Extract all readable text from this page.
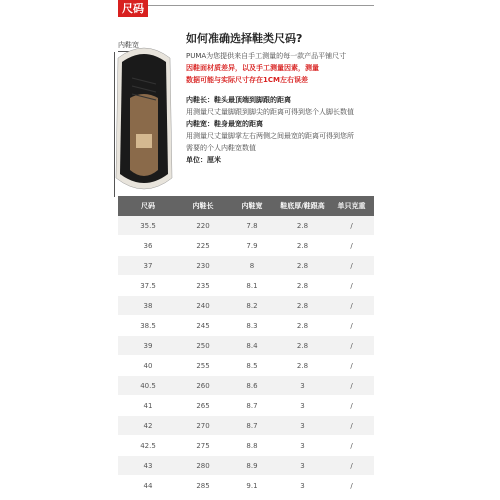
尺码
内鞋宽	如何准确选择鞋类尺码?
PUMA为您提供来自手工测量的每一款产品平铺尺寸
因鞋面材质差异，以及手工测量因素，测量
数据可能与实际尺寸存在1CM左右误差
内鞋长：鞋头最顶端到脚跟的距离
用测量尺丈量脚跟到脚尖的距离可得到您个人脚长数值
内鞋宽：鞋身最宽的距离
用测量尺丈量脚掌左右两侧之间最宽的距离可得到您所
需要的个人内鞋宽数值
单位：厘米
尺码	内鞋长	内鞋宽	鞋底厚/鞋跟高	单只克重
35.5	220	7.8	2.8	/
36	225	7.9	2.8	/
37	230	8	2.8	/
37.5	235	8.1	2.8	/
38	240	8.2	2.8	/
38.5	245	8.3	2.8	/
39	250	8.4	2.8	/
40	255	8.5	2.8	/
40.5	260	8.6	3	/
41	265	8.7	3	/
42	270	8.7	3	/
42.5	275	8.8	3	/
43	280	8.9	3	/
44	285	9.1	3	/
